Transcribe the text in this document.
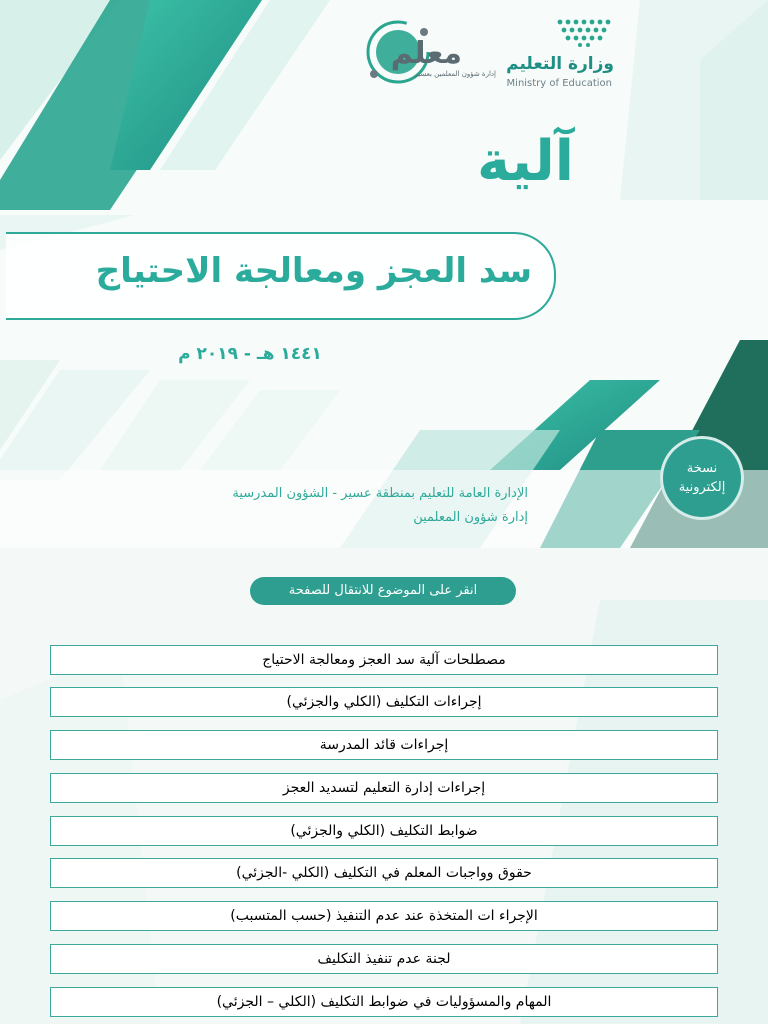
معلم
إدارة شؤون المعلمين بعسير وزارة التعليم
Ministry of Education
آلية
سد العجز ومعالجة الاحتياج
١٤٤١ هـ - ٢٠١٩ م
نسخة
إلكترونية
الإدارة العامة للتعليم بمنطقة عسير - الشؤون المدرسية
إدارة شؤون المعلمين
انقر على الموضوع للانتقال للصفحة
مصطلحات آلية سد العجز ومعالجة الاحتياج
إجراءات التكليف (الكلي والجزئي)
إجراءات قائد المدرسة
إجراءات إدارة التعليم لتسديد العجز
ضوابط التكليف (الكلي والجزئي)
حقوق وواجبات المعلم في التكليف (الكلي -الجزئي)
الإجراء ات المتخذة عند عدم التنفيذ (حسب المتسبب)
لجنة عدم تنفيذ التكليف
المهام والمسؤوليات في ضوابط التكليف (الكلي – الجزئي)
